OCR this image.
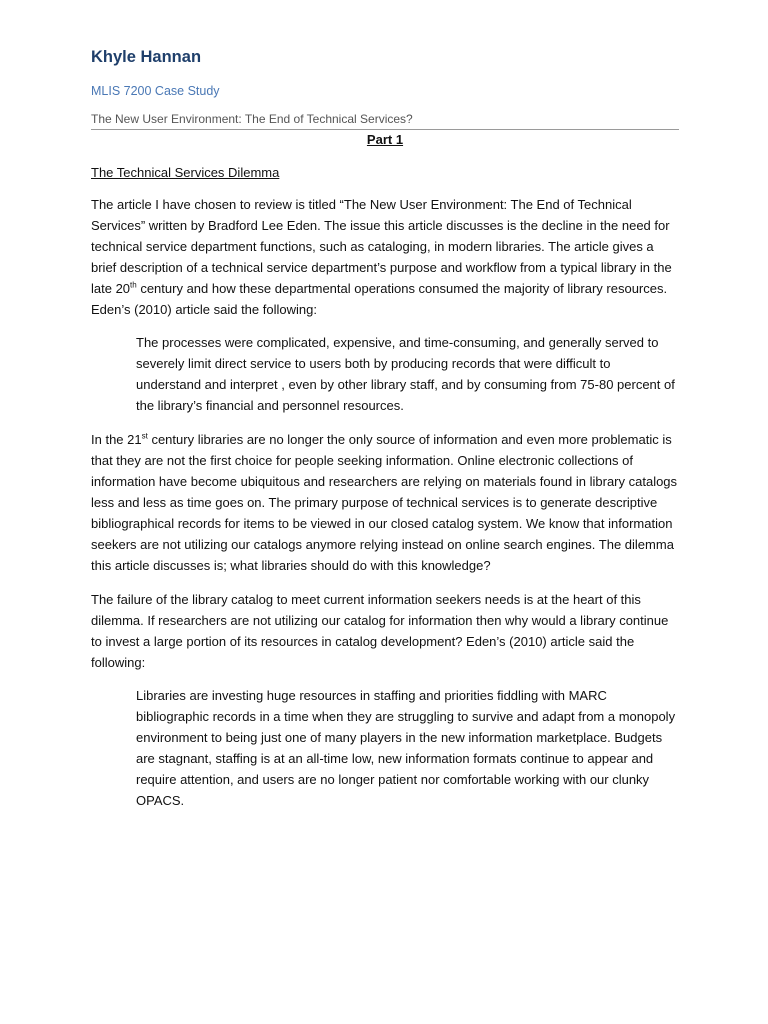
Khyle Hannan
MLIS 7200 Case Study
The New User Environment: The End of Technical Services?
Part 1
The Technical Services Dilemma

The article I have chosen to review is titled “The New User Environment: The End of Technical Services” written by Bradford Lee Eden. The issue this article discusses is the decline in the need for technical service department functions, such as cataloging, in modern libraries. The article gives a brief description of a technical service department’s purpose and workflow from a typical library in the late 20th century and how these departmental operations consumed the majority of library resources. Eden’s (2010) article said the following:

The processes were complicated, expensive, and time-consuming, and generally served to severely limit direct service to users both by producing records that were difficult to understand and interpret , even by other library staff, and by consuming from 75-80 percent of the library’s financial and personnel resources.

In the 21st century libraries are no longer the only source of information and even more problematic is that they are not the first choice for people seeking information. Online electronic collections of information have become ubiquitous and researchers are relying on materials found in library catalogs less and less as time goes on. The primary purpose of technical services is to generate descriptive bibliographical records for items to be viewed in our closed catalog system. We know that information seekers are not utilizing our catalogs anymore relying instead on online search engines. The dilemma this article discusses is; what libraries should do with this knowledge?

The failure of the library catalog to meet current information seekers needs is at the heart of this dilemma. If researchers are not utilizing our catalog for information then why would a library continue to invest a large portion of its resources in catalog development? Eden’s (2010) article said the following:

Libraries are investing huge resources in staffing and priorities fiddling with MARC bibliographic records in a time when they are struggling to survive and adapt from a monopoly environment to being just one of many players in the new information marketplace. Budgets are stagnant, staffing is at an all-time low, new information formats continue to appear and require attention, and users are no longer patient nor comfortable working with our clunky OPACS.
